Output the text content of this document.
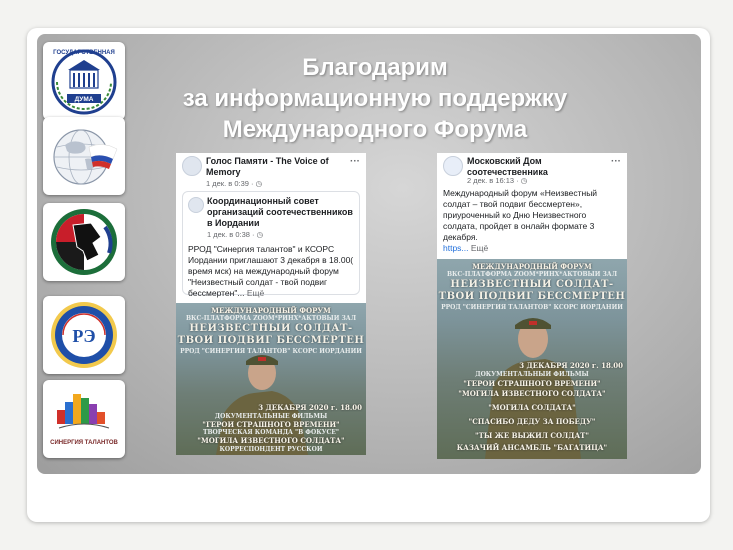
Благодарим
за информационную поддержку
Международного Форума
ГОСУДАРСТВЕННАЯ
ДУМА
РЭ
СИНЕРГИЯ ТАЛАНТОВ
Голос Памяти - The Voice of Memory
1 дек. в 0:39 · ◷
···
Координационный совет организаций соотечественников в Иордании
1 дек. в 0:38 · ◷
РРОД "Синергия талантов" и КСОРС Иордании приглашают 3 декабря в 18.00( время мск) на международный форум "Неизвестный солдат - твой подвиг бессмертен"... Ещё
МЕЖДУНАРОДНЫЙ ФОРУМ
ВКС-ПЛАТФОРМА ZOOM*РИНХ*АКТОВЫЙ ЗАЛ
НЕИЗВЕСТНЫЙ СОЛДАТ-
ТВОЙ ПОДВИГ БЕССМЕРТЕН
РРОД "СИНЕРГИЯ ТАЛАНТОВ" КСОРС ИОРДАНИИ
3 ДЕКАБРЯ 2020 г. 18.00
ДОКУМЕНТАЛЬНЫЕ ФИЛЬМЫ
"ГЕРОИ СТРАШНОГО ВРЕМЕНИ"
ТВОРЧЕСКАЯ КОМАНДА "В ФОКУСЕ"
"МОГИЛА ИЗВЕСТНОГО СОЛДАТА"
КОРРЕСПОНДЕНТ РУССКОЙ
Московский Дом соотечественника
2 дек. в 16:13 · ◷
···
Международный форум «Неизвестный солдат – твой подвиг бессмертен», приуроченный ко Дню Неизвестного солдата, пройдет в онлайн формате 3 декабря.
https... Ещё
МЕЖДУНАРОДНЫЙ ФОРУМ
ВКС-ПЛАТФОРМА ZOOM*РИНХ*АКТОВЫЙ ЗАЛ
НЕИЗВЕСТНЫЙ СОЛДАТ-
ТВОЙ ПОДВИГ БЕССМЕРТЕН
РРОД "СИНЕРГИЯ ТАЛАНТОВ" КСОРС ИОРДАНИИ
3 ДЕКАБРЯ 2020 г. 18.00
ДОКУМЕНТАЛЬНЫЙ ФИЛЬМЫ
"ГЕРОИ СТРАШНОГО ВРЕМЕНИ"
"МОГИЛА ИЗВЕСТНОГО СОЛДАТА"
"МОГИЛА СОЛДАТА"
"СПАСИБО ДЕДУ ЗА ПОБЕДУ"
"ТЫ ЖЕ ВЫЖИЛ СОЛДАТ"
КАЗАЧИЙ АНСАМБЛЬ "БАГАТИЦА"
